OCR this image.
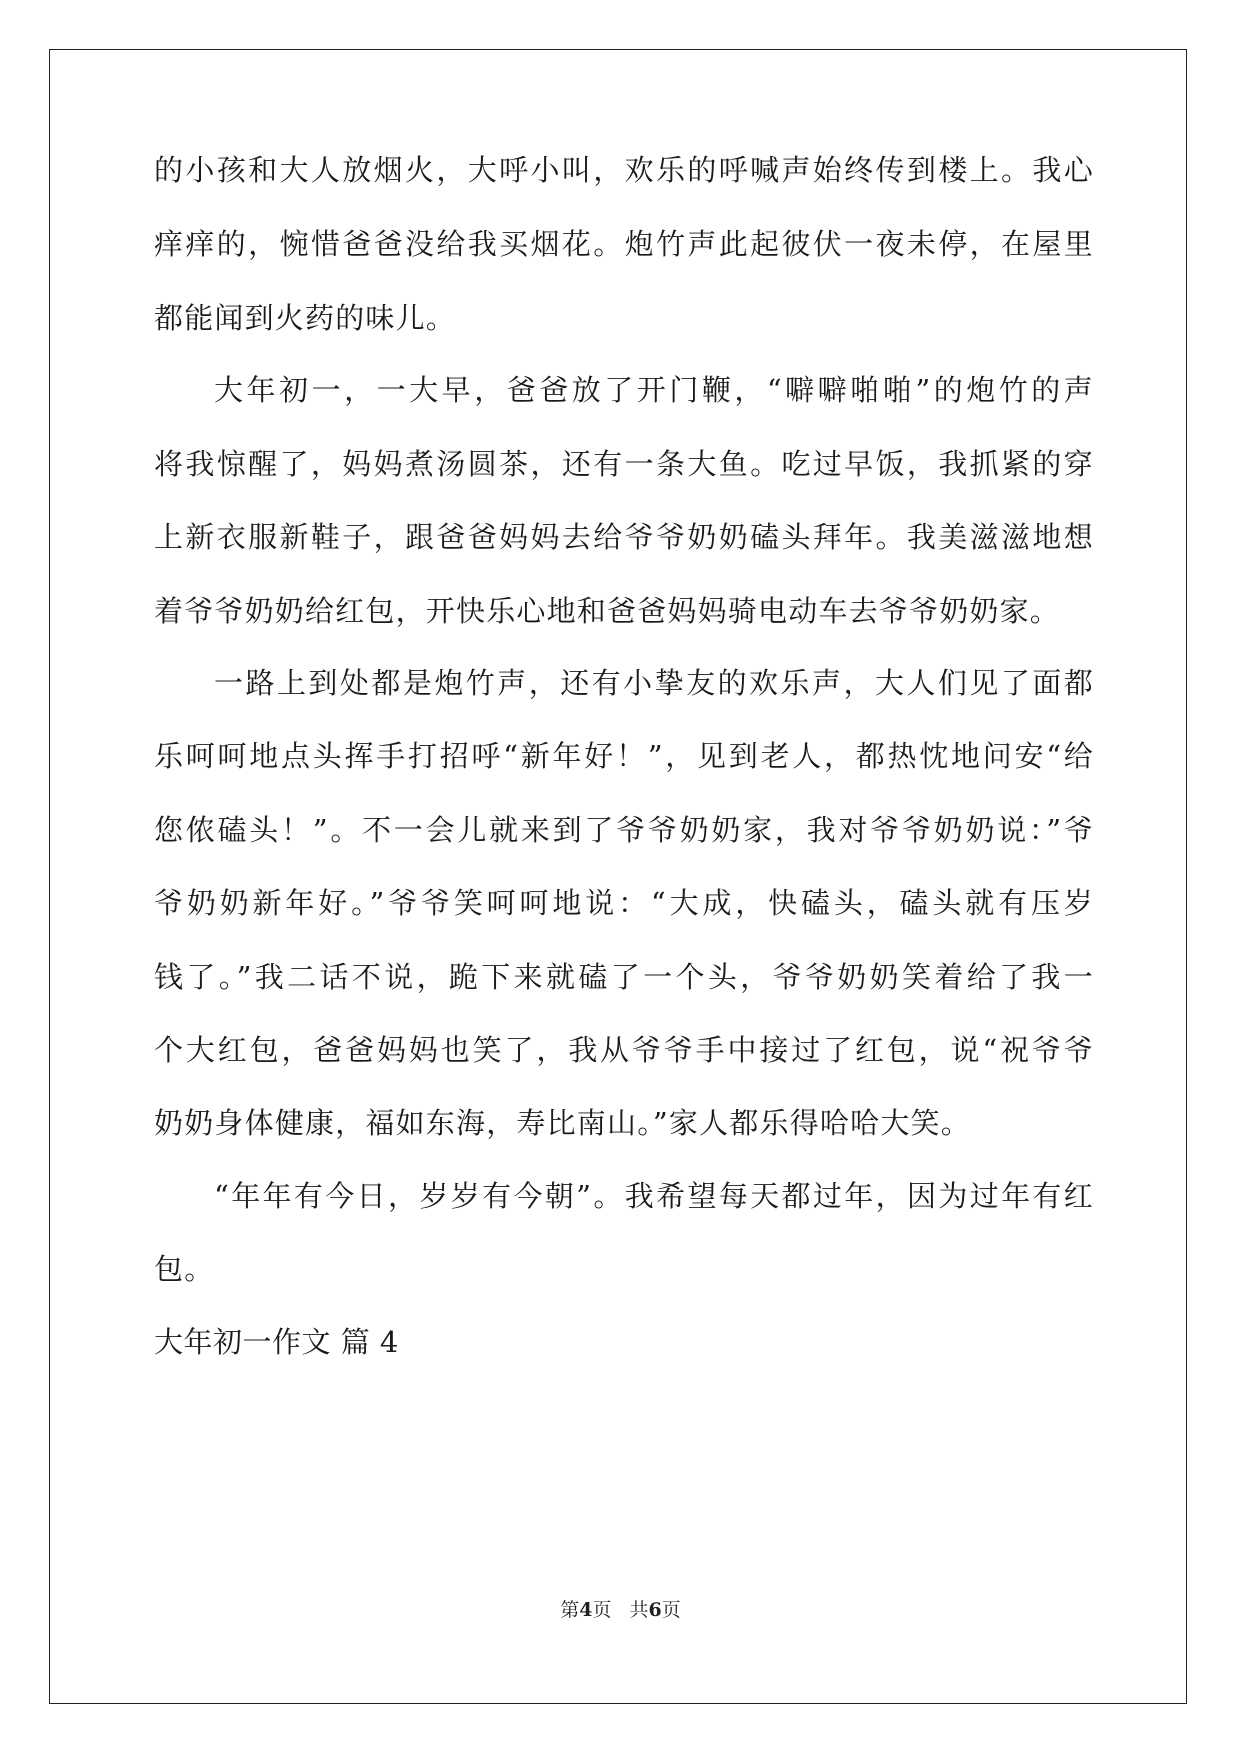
的小孩和大人放烟火，大呼小叫，欢乐的呼喊声始终传到楼上。我心
痒痒的，惋惜爸爸没给我买烟花。炮竹声此起彼伏一夜未停，在屋里
都能闻到火药的味儿。
大年初一，一大早，爸爸放了开门鞭，“噼噼啪啪”的炮竹的声
将我惊醒了，妈妈煮汤圆茶，还有一条大鱼。吃过早饭，我抓紧的穿
上新衣服新鞋子，跟爸爸妈妈去给爷爷奶奶磕头拜年。我美滋滋地想
着爷爷奶奶给红包，开快乐心地和爸爸妈妈骑电动车去爷爷奶奶家。
一路上到处都是炮竹声，还有小挚友的欢乐声，大人们见了面都
乐呵呵地点头挥手打招呼“新年好！”，见到老人，都热忱地问安“给
您侬磕头！”。不一会儿就来到了爷爷奶奶家，我对爷爷奶奶说：”爷
爷奶奶新年好。”爷爷笑呵呵地说：“大成，快磕头，磕头就有压岁
钱了。”我二话不说，跪下来就磕了一个头，爷爷奶奶笑着给了我一
个大红包，爸爸妈妈也笑了，我从爷爷手中接过了红包，说“祝爷爷
奶奶身体健康，福如东海，寿比南山。”家人都乐得哈哈大笑。
“年年有今日，岁岁有今朝”。我希望每天都过年，因为过年有红
包。
大年初一作文 篇 4
第4页 共6页
